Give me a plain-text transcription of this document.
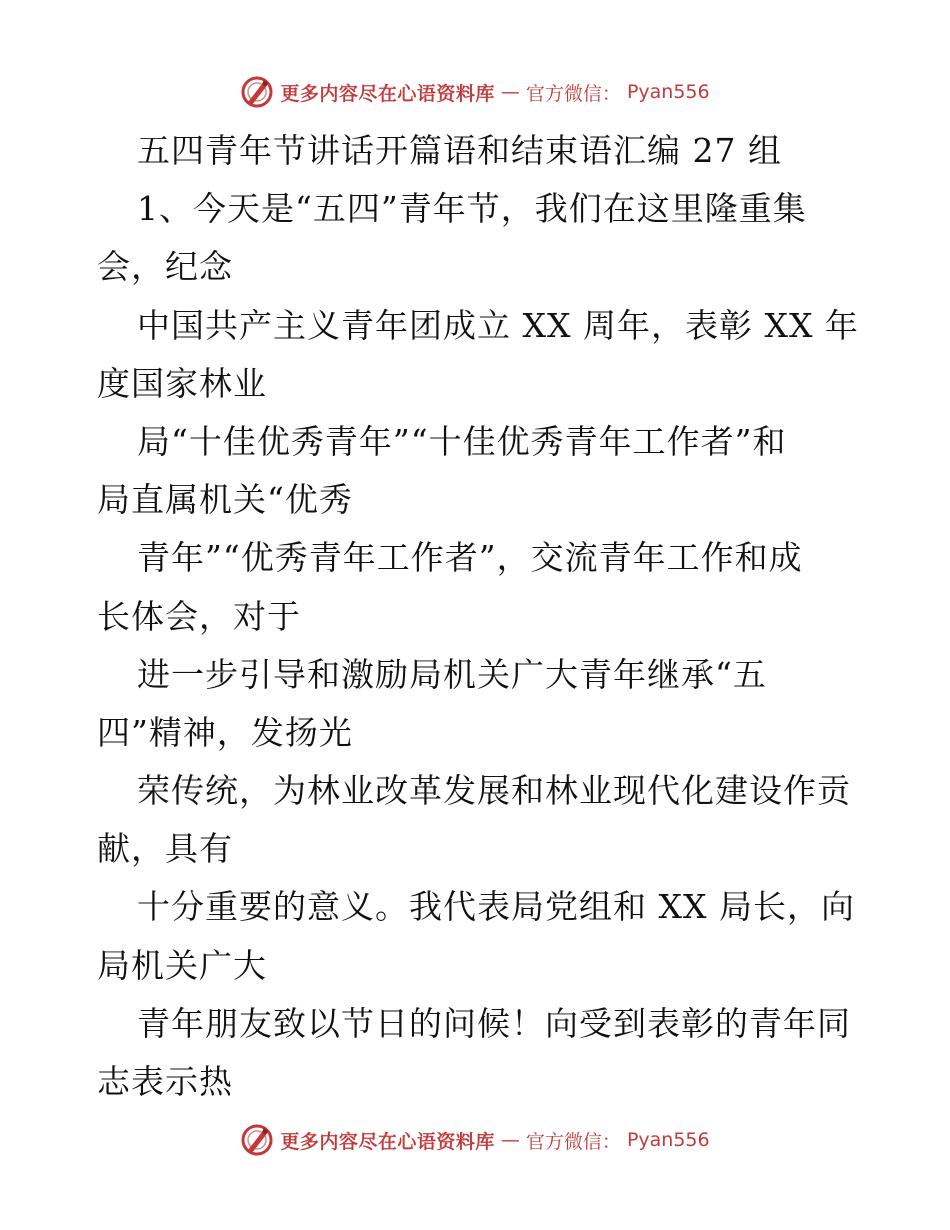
更多内容尽在心语资料库 — 官方微信： Pyan556
五四青年节讲话开篇语和结束语汇编 27 组
1、今天是“五四”青年节，我们在这里隆重集
会，纪念
中国共产主义青年团成立 XX 周年，表彰 XX 年
度国家林业
局“十佳优秀青年”“十佳优秀青年工作者”和
局直属机关“优秀
青年”“优秀青年工作者”，交流青年工作和成
长体会，对于
进一步引导和激励局机关广大青年继承“五
四”精神，发扬光
荣传统，为林业改革发展和林业现代化建设作贡
献，具有
十分重要的意义。我代表局党组和 XX 局长，向
局机关广大
青年朋友致以节日的问候！向受到表彰的青年同
志表示热
更多内容尽在心语资料库 — 官方微信： Pyan556
